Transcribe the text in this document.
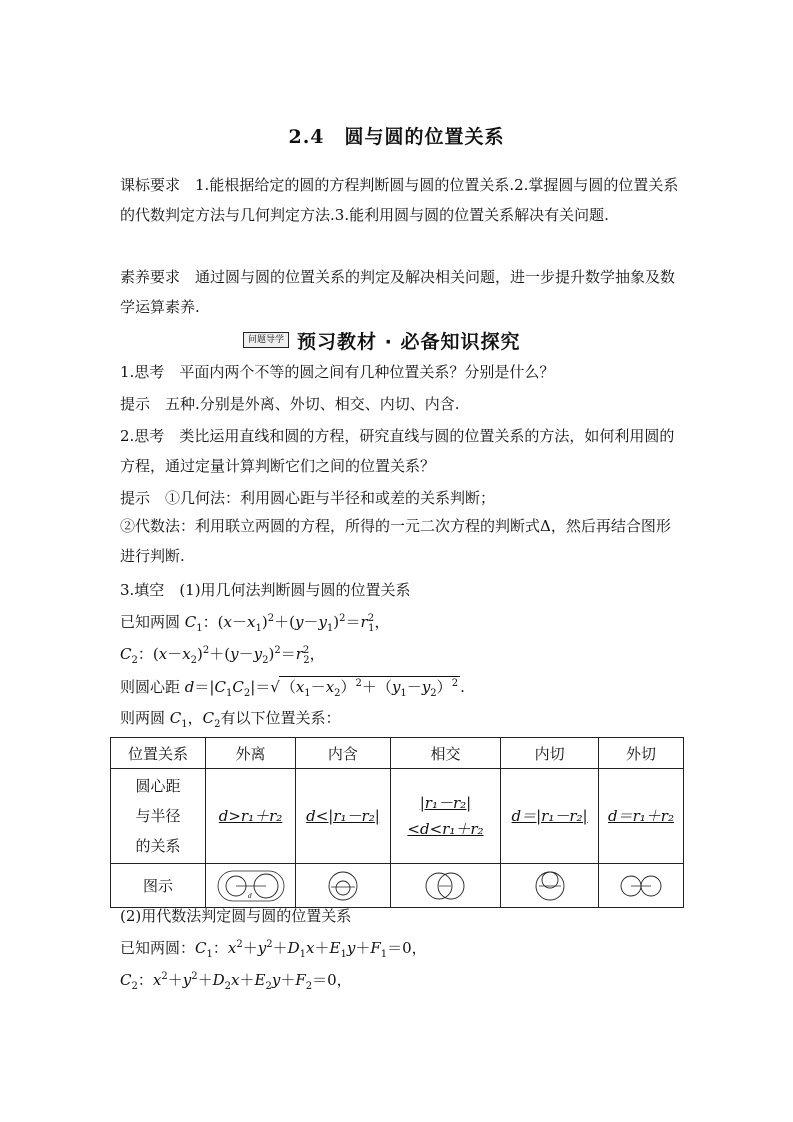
2.4　圆与圆的位置关系
课标要求  1.能根据给定的圆的方程判断圆与圆的位置关系.2.掌握圆与圆的位置关系的代数判定方法与几何判定方法.3.能利用圆与圆的位置关系解决有关问题.
素养要求  通过圆与圆的位置关系的判定及解决相关问题，进一步提升数学抽象及数学运算素养.
问题导学 预习教材 · 必备知识探究
1.思考  平面内两个不等的圆之间有几种位置关系？分别是什么？
提示  五种.分别是外离、外切、相交、内切、内含.
2.思考  类比运用直线和圆的方程，研究直线与圆的位置关系的方法，如何利用圆的方程，通过定量计算判断它们之间的位置关系？
提示  ①几何法：利用圆心距与半径和或差的关系判断；
②代数法：利用联立两圆的方程，所得的一元二次方程的判断式Δ，然后再结合图形进行判断.
3.填空  (1)用几何法判断圆与圆的位置关系
已知两圆 $C_1$：$(x-x_1)^2+(y-y_1)^2=r^2_1$，
$C_2$：$(x-x_2)^2+(y-y_2)^2=r^2_2$，
则圆心距 $d=|C_1C_2|=√(x_1-x_2)^2+(y_1-y_2)^2$ .
则两圆 $C_1$，$C_2$有以下位置关系：
位置关系	外离	内含	相交	内切	外切

圆心距
与半径
的关系	d>r₁＋r₂	d<|r₁－r₂|	|r₁－r₂|<d<r₁＋r₂	d＝|r₁－r₂|	d＝r₁＋r₂
图示	d

(2)用代数法判定圆与圆的位置关系
已知两圆：$C_1$：$x^2+y^2+D_1x+E_1y+F_1=0$，
$C_2$：$x^2+y^2+D_2x+E_2y+F_2=0$，
